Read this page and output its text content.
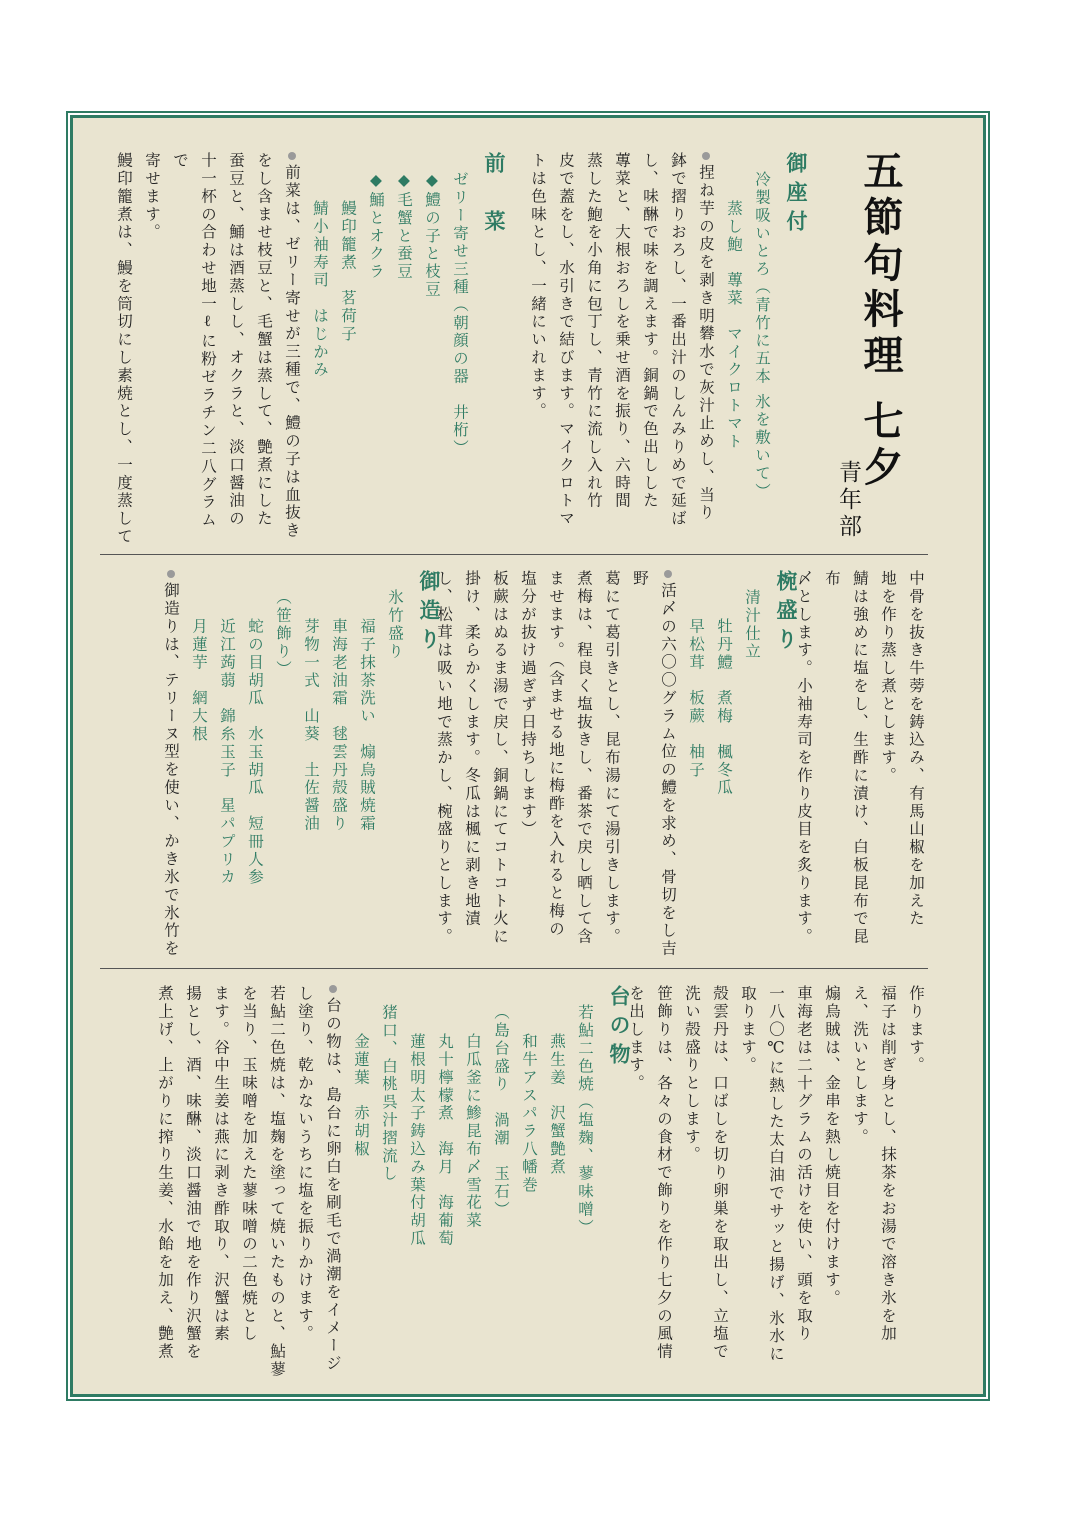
五節句料理 七夕
青年部
御座付
冷製吸いとろ（青竹に五本 氷を敷いて）
蒸し鮑　蓴菜　マイクロトマト
捏ね芋の皮を剥き明礬水で灰汁止めし、当り
鉢で摺りおろし、一番出汁のしんみりめで延ば
し、味醂で味を調えます。銅鍋で色出しした
蓴菜と、大根おろしを乗せ酒を振り、六時間
蒸した鮑を小角に包丁し、青竹に流し入れ竹
皮で蓋をし、水引きで結びます。マイクロトマ
トは色味とし、一緒にいれます。
前　菜
ゼリー寄せ三種（朝顔の器　井桁）
◆鱧の子と枝豆
◆毛蟹と蚕豆
◆鯒とオクラ
鰻印籠煮　茗荷子
鯖小袖寿司　はじかみ
前菜は、ゼリー寄せが三種で、鱧の子は血抜き
をし含ませ枝豆と、毛蟹は蒸して、艶煮にした
蚕豆と、鯒は酒蒸しし、オクラと、淡口醤油の
十一杯の合わせ地一ℓに粉ゼラチン二八グラムで
寄せます。
鰻印籠煮は、鰻を筒切にし素焼とし、一度蒸して
中骨を抜き牛蒡を鋳込み、有馬山椒を加えた
地を作り蒸し煮とします。
鯖は強めに塩をし、生酢に漬け、白板昆布で昆布
〆とします。小袖寿司を作り皮目を炙ります。
椀盛り
清汁仕立
牡丹鱧　煮梅　楓冬瓜
早松茸　板蕨　柚子
活〆の六〇〇グラム位の鱧を求め、骨切をし吉野
葛にて葛引きとし、昆布湯にて湯引きします。
煮梅は、程良く塩抜きし、番茶で戻し晒して含
ませます。（含ませる地に梅酢を入れると梅の
塩分が抜け過ぎず日持ちします）
板蕨はぬるま湯で戻し、銅鍋にてコトコト火に
掛け、柔らかくします。冬瓜は楓に剥き地漬
し、松茸は吸い地で蒸かし、椀盛りとします。
御造り
氷竹盛り
福子抹茶洗い　煽烏賊焼霜
車海老油霜　毬雲丹殻盛り
芽物一式　山葵　土佐醤油
（笹飾り）
蛇の目胡瓜　水玉胡瓜　短冊人参
近江蒟蒻　錦糸玉子　星パプリカ
月蓮芋　網大根
御造りは、テリーヌ型を使い、かき氷で氷竹を
作ります。
福子は削ぎ身とし、抹茶をお湯で溶き氷を加
え、洗いとします。
煽烏賊は、金串を熱し焼目を付けます。
車海老は二十グラムの活けを使い、頭を取り
一八〇℃に熱した太白油でサッと揚げ、氷水に
取ります。
殻雲丹は、口ばしを切り卵巣を取出し、立塩で
洗い殻盛りとします。
笹飾りは、各々の食材で飾りを作り七夕の風情
を出します。
台の物
若鮎二色焼（塩麹、蓼味噌）
燕生姜　沢蟹艶煮
和牛アスパラ八幡巻
（島台盛り　渦潮　玉石）
白瓜釜に鯵昆布〆雪花菜
丸十檸檬煮　海月　海葡萄
蓮根明太子鋳込み葉付胡瓜
猪口、白桃呉汁摺流し
金蓮葉　赤胡椒
台の物は、島台に卵白を刷毛で渦潮をイメージ
し塗り、乾かないうちに塩を振りかけます。
若鮎二色焼は、塩麹を塗って焼いたものと、鮎蓼
を当り、玉味噌を加えた蓼味噌の二色焼とし
ます。谷中生姜は燕に剥き酢取り、沢蟹は素
揚とし、酒、味醂、淡口醤油で地を作り沢蟹を
煮上げ、上がりに搾り生姜、水飴を加え、艶煮
